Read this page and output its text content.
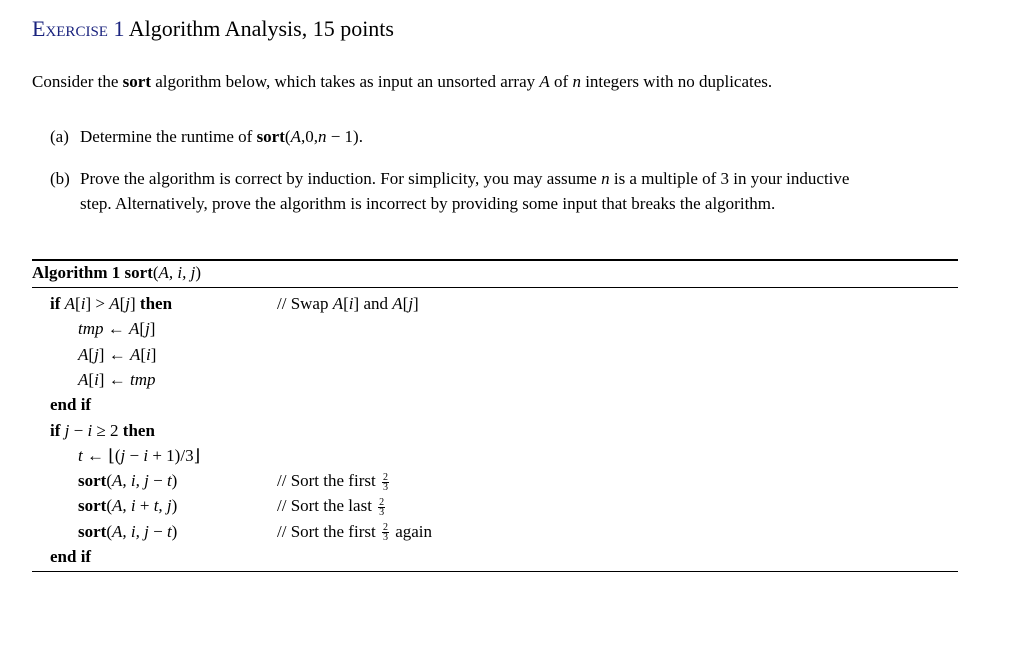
Exercise 1 Algorithm Analysis, 15 points
Consider the sort algorithm below, which takes as input an unsorted array A of n integers with no duplicates.
(a) Determine the runtime of sort(A,0,n − 1).
(b) Prove the algorithm is correct by induction. For simplicity, you may assume n is a multiple of 3 in your inductive
step. Alternatively, prove the algorithm is incorrect by providing some input that breaks the algorithm.
Algorithm 1 sort(A, i, j)
if A[i] > A[j] then	// Swap A[i] and A[j]
tmp ← A[j]
A[j] ← A[i]
A[i] ← tmp
end if
if j − i ≥ 2 then
t ← ⌊(j − i + 1)/3⌋
sort(A, i, j − t)	// Sort the first $\frac{2}{3}$
sort(A, i + t, j)	// Sort the last $\frac{2}{3}$
sort(A, i, j − t)	// Sort the first $\frac{2}{3}$ again
end if
